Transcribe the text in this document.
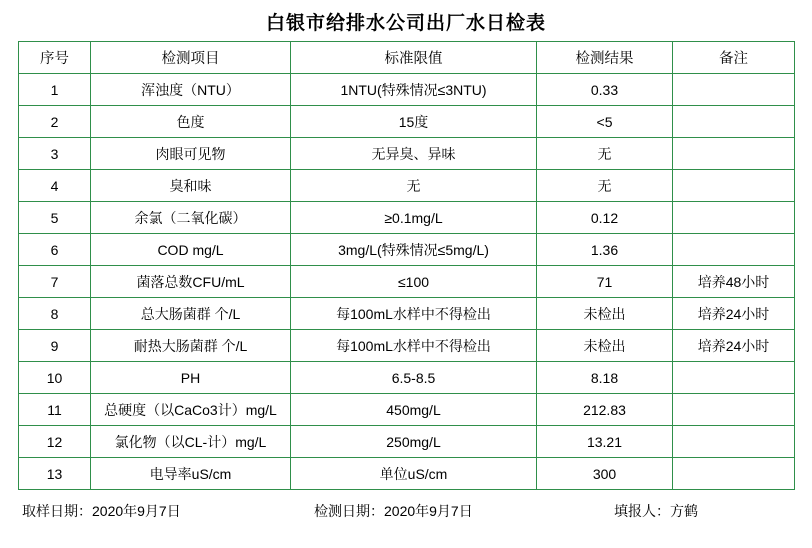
白银市给排水公司出厂水日检表
序号	检测项目	标准限值	检测结果	备注
1	浑浊度（NTU）	1NTU(特殊情况≤3NTU)	0.33	
2	色度	15度	<5	
3	肉眼可见物	无异臭、异味	无	
4	臭和味	无	无	
5	余氯（二氧化碳）	≥0.1mg/L	0.12	
6	COD mg/L	3mg/L(特殊情况≤5mg/L)	1.36	
7	菌落总数CFU/mL	≤100	71	培养48小时
8	总大肠菌群 个/L	每100mL水样中不得检出	未检出	培养24小时
9	耐热大肠菌群 个/L	每100mL水样中不得检出	未检出	培养24小时
10	PH	6.5-8.5	8.18	
11	总硬度（以CaCo3计）mg/L	450mg/L	212.83	
12	氯化物（以CL-计）mg/L	250mg/L	13.21	
13	电导率uS/cm	单位uS/cm	300	
取样日期：2020年9月7日	检测日期：2020年9月7日	填报人：方鹤
